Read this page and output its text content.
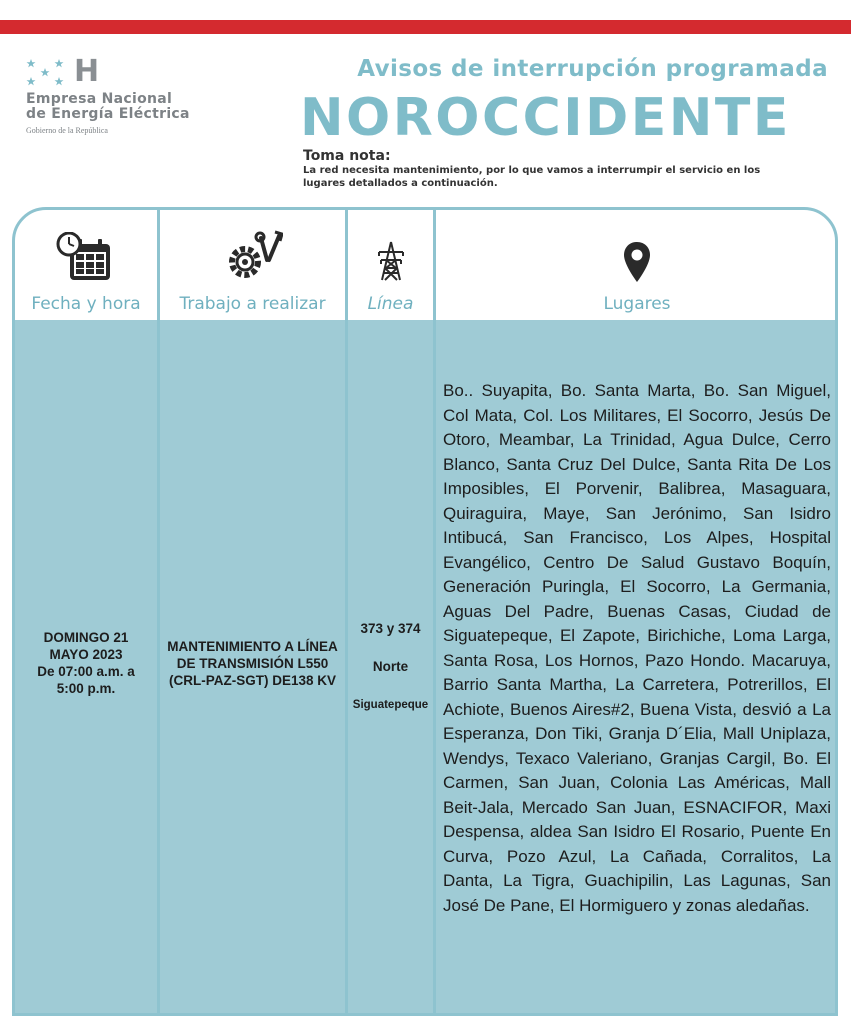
H
Empresa Nacional
de Energía Eléctrica
Gobierno de la República
Avisos de interrupción programada
NOROCCIDENTE
Toma nota:
La red necesita mantenimiento, por lo que vamos a interrumpir el servicio en los lugares detallados a continuación.
Fecha y hora
DOMINGO 21
MAYO 2023
De 07:00 a.m. a
5:00 p.m.
Trabajo a realizar
MANTENIMIENTO A LÍNEA
DE TRANSMISIÓN L550
(CRL-PAZ-SGT) DE138 KV
Línea
373 y 374
Norte
Siguatepeque
Lugares
Bo.. Suyapita, Bo. Santa Marta, Bo. San Miguel, Col Mata, Col. Los Militares, El Socorro, Jesús De Otoro, Meambar, La Trinidad, Agua Dulce, Cerro Blanco, Santa Cruz Del Dulce, Santa Rita De Los Imposibles, El Porvenir, Balibrea, Masaguara, Quiraguira, Maye, San Jerónimo, San Isidro Intibucá, San Francisco, Los Alpes, Hospital Evangélico, Centro De Salud Gustavo Boquín, Generación Puringla, El Socorro, La Germania, Aguas Del Padre, Buenas Casas, Ciudad de Siguatepeque, El Zapote, Birichiche, Loma Larga, Santa Rosa, Los Hornos, Pazo Hondo. Macaruya, Barrio Santa Martha, La Carretera, Potrerillos, El Achiote, Buenos Aires#2, Buena Vista, desvió a La Esperanza, Don Tiki, Granja D´Elia, Mall Uniplaza, Wendys, Texaco Valeriano, Granjas Cargil, Bo. El Carmen, San Juan, Colonia Las Américas, Mall Beit-Jala, Mercado San Juan, ESNACIFOR, Maxi Despensa, aldea San Isidro El Rosario, Puente En Curva, Pozo Azul, La Cañada, Corralitos, La Danta, La Tigra, Guachipilin, Las Lagunas, San José De Pane, El Hormiguero y zonas aledañas.
